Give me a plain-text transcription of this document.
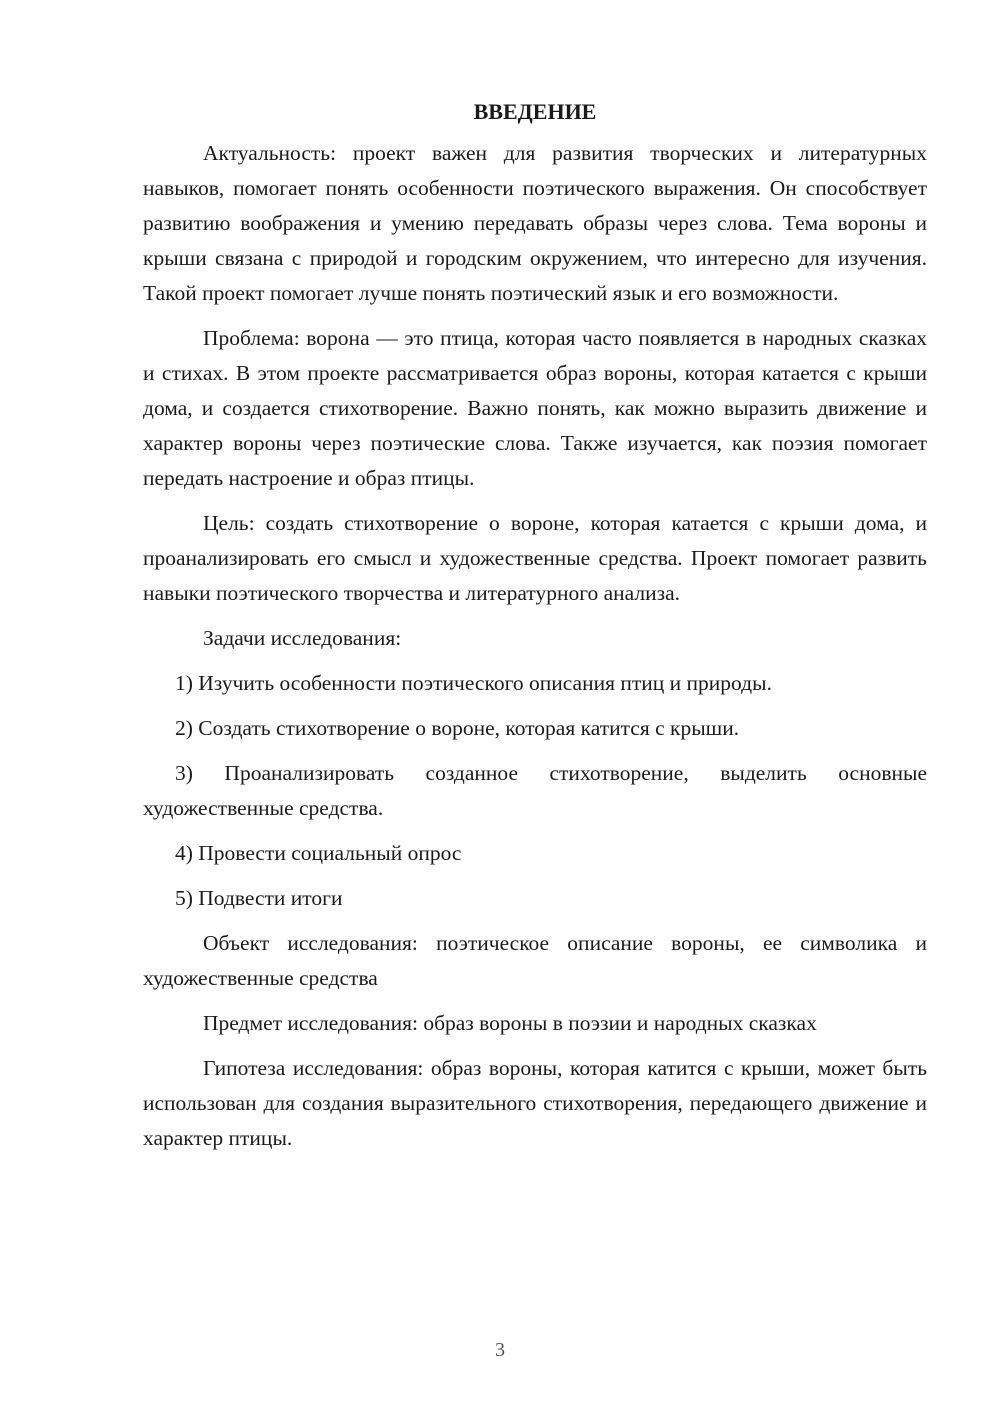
ВВЕДЕНИЕ

Актуальность: проект важен для развития творческих и литературных навыков, помогает понять особенности поэтического выражения. Он способствует развитию воображения и умению передавать образы через слова. Тема вороны и крыши связана с природой и городским окружением, что интересно для изучения. Такой проект помогает лучше понять поэтический язык и его возможности.

Проблема: ворона — это птица, которая часто появляется в народных сказках и стихах. В этом проекте рассматривается образ вороны, которая катается с крыши дома, и создается стихотворение. Важно понять, как можно выразить движение и характер вороны через поэтические слова. Также изучается, как поэзия помогает передать настроение и образ птицы.

Цель: создать стихотворение о вороне, которая катается с крыши дома, и проанализировать его смысл и художественные средства. Проект помогает развить навыки поэтического творчества и литературного анализа.

Задачи исследования:

1) Изучить особенности поэтического описания птиц и природы.

2) Создать стихотворение о вороне, которая катится с крыши.

3) Проанализировать созданное стихотворение, выделить основные художественные средства.

4) Провести социальный опрос

5) Подвести итоги

Объект исследования: поэтическое описание вороны, ее символика и художественные средства

Предмет исследования: образ вороны в поэзии и народных сказках

Гипотеза исследования: образ вороны, которая катится с крыши, может быть использован для создания выразительного стихотворения, передающего движение и характер птицы.

3
